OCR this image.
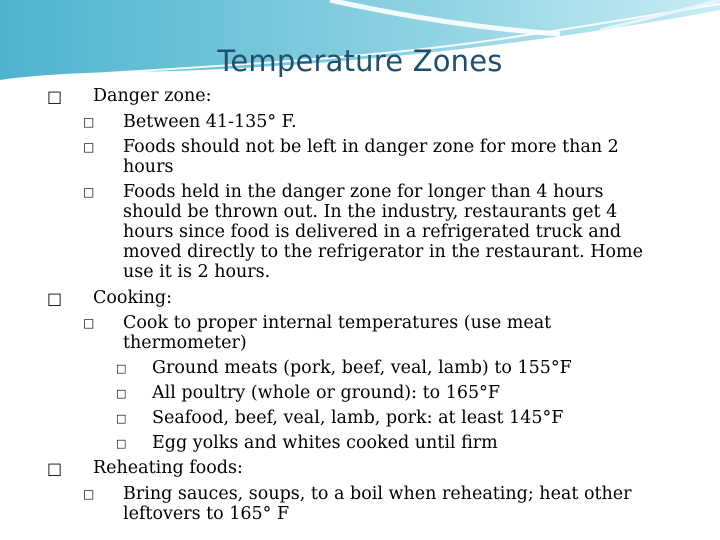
Temperature Zones
□ Danger zone:
□ Between 41-135° F.
□ Foods should not be left in danger zone for more than 2
hours
□ Foods held in the danger zone for longer than 4 hours
should be thrown out. In the industry, restaurants get 4
hours since food is delivered in a refrigerated truck and
moved directly to the refrigerator in the restaurant. Home
use it is 2 hours.
□ Cooking:
□ Cook to proper internal temperatures (use meat
thermometer)
□ Ground meats (pork, beef, veal, lamb) to 155°F
□ All poultry (whole or ground): to 165°F
□ Seafood, beef, veal, lamb, pork: at least 145°F
□ Egg yolks and whites cooked until firm
□ Reheating foods:
□ Bring sauces, soups, to a boil when reheating; heat other
leftovers to 165° F
